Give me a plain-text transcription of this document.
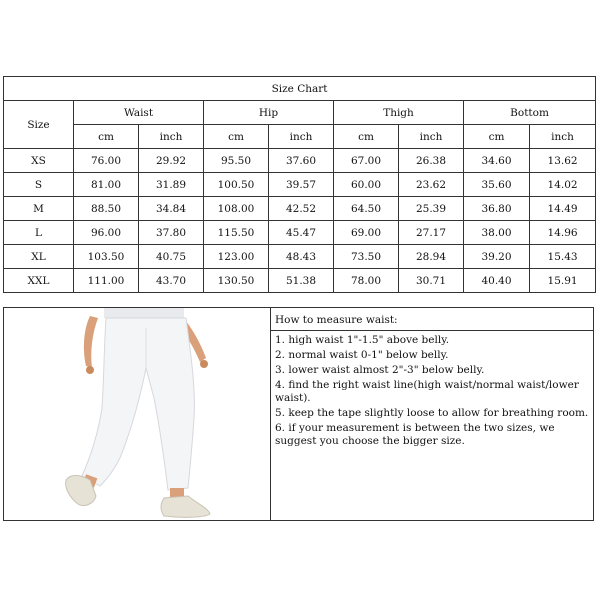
Size Chart								
Size	Waist		Hip		Thigh		Bottom	
	cm	inch	cm	inch	cm	inch	cm	inch
XS	76.00	29.92	95.50	37.60	67.00	26.38	34.60	13.62
S	81.00	31.89	100.50	39.57	60.00	23.62	35.60	14.02
M	88.50	34.84	108.00	42.52	64.50	25.39	36.80	14.49
L	96.00	37.80	115.50	45.47	69.00	27.17	38.00	14.96
XL	103.50	40.75	123.00	48.43	73.50	28.94	39.20	15.43
XXL	111.00	43.70	130.50	51.38	78.00	30.71	40.40	15.91
How to measure waist:
1. high waist 1"-1.5" above belly.
2. normal waist 0-1" below belly.
3. lower waist almost 2"-3" below belly.
4. find the right waist line(high waist/normal waist/lower waist).
5. keep the tape slightly loose to allow for breathing room.
6. if your measurement is between the two sizes, we suggest you choose the bigger size.
